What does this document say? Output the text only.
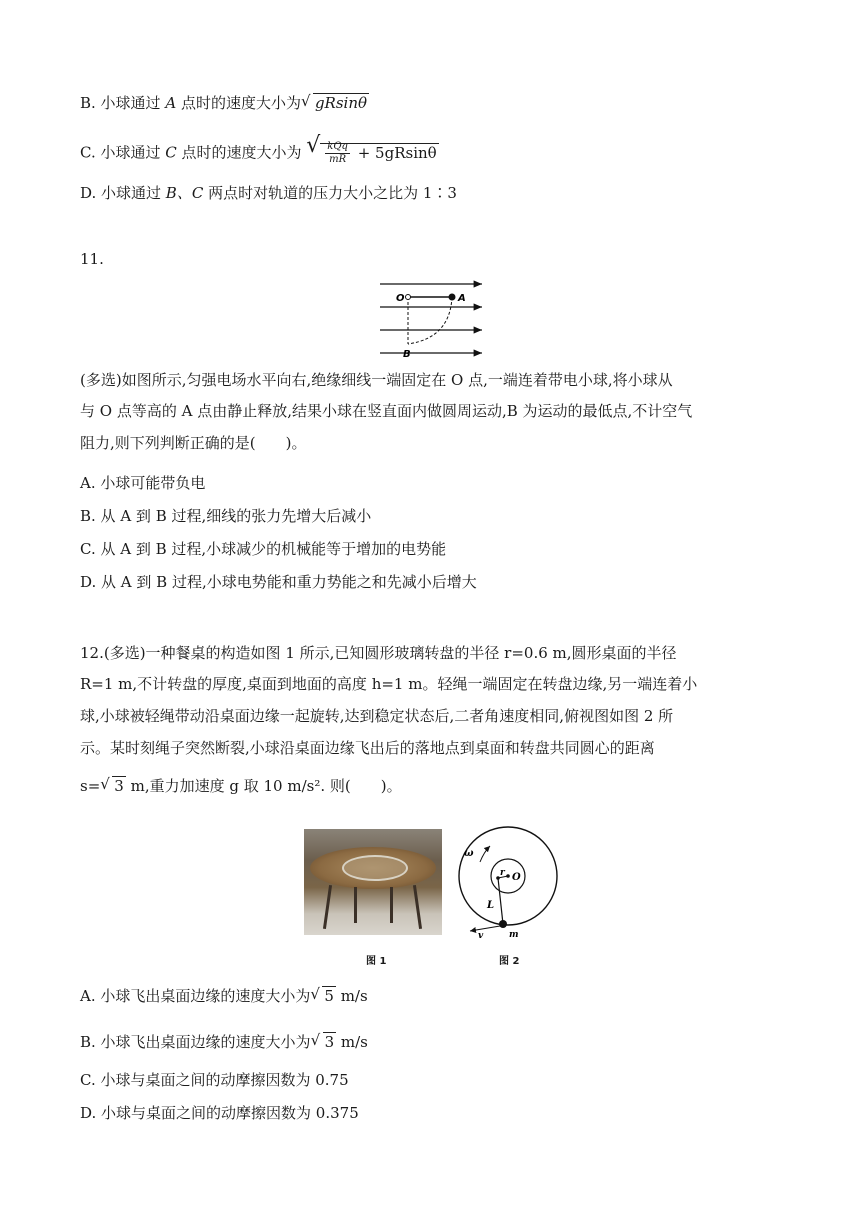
B. 小球通过 A 点时的速度大小为 √ gRsinθ
C. 小球通过 C 点时的速度大小为 √ $\frac{\text{kQq}}{mR} + 5gRsin\theta$
D. 小球通过 B、C 两点时对轨道的压力大小之比为 1∶3
11.
O	A
B
(多选)如图所示,匀强电场水平向右,绝缘细线一端固定在 O 点,一端连着带电小球,将小球从
与 O 点等高的 A 点由静止释放,结果小球在竖直面内做圆周运动,B 为运动的最低点,不计空气
阻力,则下列判断正确的是(　　)。
A. 小球可能带负电
B. 从 A 到 B 过程,细线的张力先增大后减小
C. 从 A 到 B 过程,小球减少的机械能等于增加的电势能
D. 从 A 到 B 过程,小球电势能和重力势能之和先减小后增大
12.(多选)一种餐桌的构造如图 1 所示,已知圆形玻璃转盘的半径 r=0.6 m,圆形桌面的半径
R=1 m,不计转盘的厚度,桌面到地面的高度 h=1 m。轻绳一端固定在转盘边缘,另一端连着小
球,小球被轻绳带动沿桌面边缘一起旋转,达到稳定状态后,二者角速度相同,俯视图如图 2 所
示。某时刻绳子突然断裂,小球沿桌面边缘飞出后的落地点到桌面和转盘共同圆心的距离
s= √ 3 m,重力加速度 g 取 10 m/s². 则(　　)。
图 1
ω
r O
L
v	m
图 2
A. 小球飞出桌面边缘的速度大小为 √ 5 m/s
B. 小球飞出桌面边缘的速度大小为 √ 3 m/s
C. 小球与桌面之间的动摩擦因数为 0.75
D. 小球与桌面之间的动摩擦因数为 0.375
